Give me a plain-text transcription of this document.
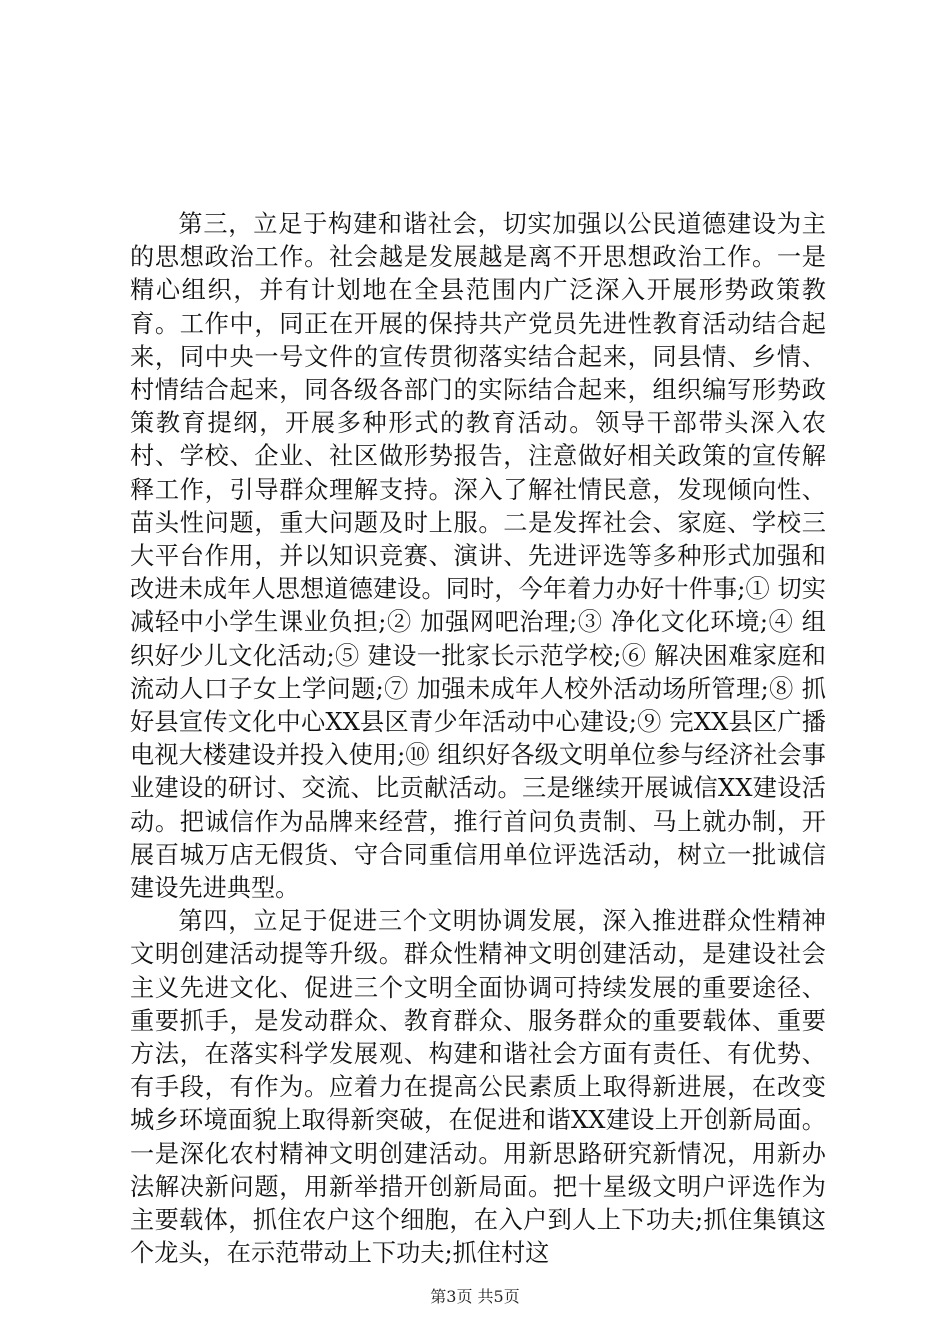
第三，立足于构建和谐社会，切实加强以公民道德建设为主的思想政治工作。社会越是发展越是离不开思想政治工作。一是精心组织，并有计划地在全县范围内广泛深入开展形势政策教育。工作中，同正在开展的保持共产党员先进性教育活动结合起来，同中央一号文件的宣传贯彻落实结合起来，同县情、乡情、村情结合起来，同各级各部门的实际结合起来，组织编写形势政策教育提纲，开展多种形式的教育活动。领导干部带头深入农村、学校、企业、社区做形势报告，注意做好相关政策的宣传解释工作，引导群众理解支持。深入了解社情民意，发现倾向性、苗头性问题，重大问题及时上服。二是发挥社会、家庭、学校三大平台作用，并以知识竞赛、演讲、先进评选等多种形式加强和改进未成年人思想道德建设。同时，今年着力办好十件事;① 切实减轻中小学生课业负担;② 加强网吧治理;③ 净化文化环境;④ 组织好少儿文化活动;⑤ 建设一批家长示范学校;⑥ 解决困难家庭和流动人口子女上学问题;⑦ 加强未成年人校外活动场所管理;⑧ 抓好县宣传文化中心XX县区青少年活动中心建设;⑨ 完XX县区广播电视大楼建设并投入使用;⑩ 组织好各级文明单位参与经济社会事业建设的研讨、交流、比贡献活动。三是继续开展诚信XX建设活动。把诚信作为品牌来经营，推行首问负责制、马上就办制，开展百城万店无假货、守合同重信用单位评选活动，树立一批诚信建设先进典型。

第四，立足于促进三个文明协调发展，深入推进群众性精神文明创建活动提等升级。群众性精神文明创建活动，是建设社会主义先进文化、促进三个文明全面协调可持续发展的重要途径、重要抓手，是发动群众、教育群众、服务群众的重要载体、重要方法，在落实科学发展观、构建和谐社会方面有责任、有优势、有手段，有作为。应着力在提高公民素质上取得新进展，在改变城乡环境面貌上取得新突破，在促进和谐XX建设上开创新局面。一是深化农村精神文明创建活动。用新思路研究新情况，用新办法解决新问题，用新举措开创新局面。把十星级文明户评选作为主要载体，抓住农户这个细胞，在入户到人上下功夫;抓住集镇这个龙头，在示范带动上下功夫;抓住村这

第3页 共5页
